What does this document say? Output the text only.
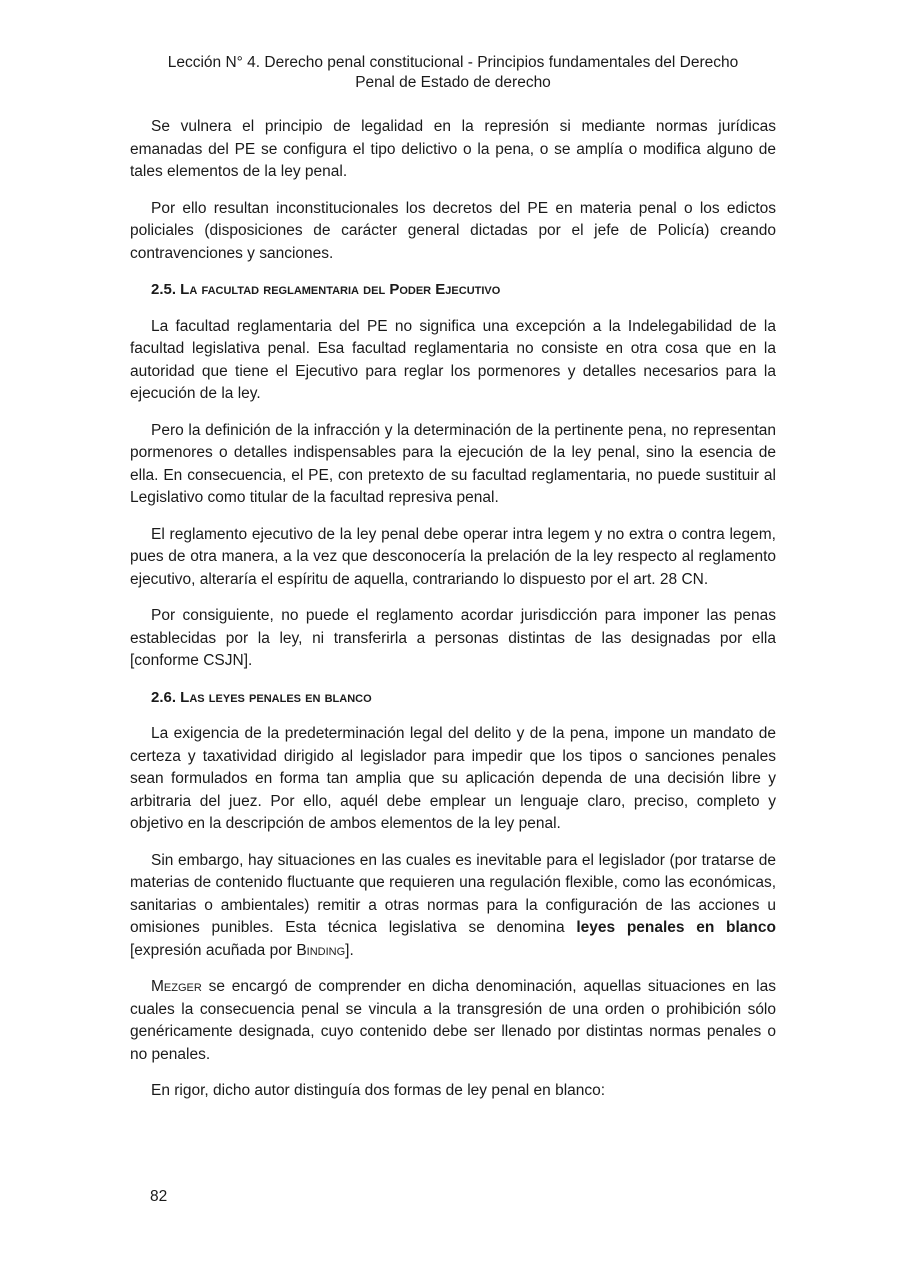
Lección N° 4. Derecho penal constitucional - Principios fundamentales del Derecho
Penal de Estado de derecho

Se vulnera el principio de legalidad en la represión si mediante normas jurídicas emanadas del PE se configura el tipo delictivo o la pena, o se amplía o modifica alguno de tales elementos de la ley penal.

Por ello resultan inconstitucionales los decretos del PE en materia penal o los edictos policiales (disposiciones de carácter general dictadas por el jefe de Policía) creando contravenciones y sanciones.

2.5. La facultad reglamentaria del Poder Ejecutivo

La facultad reglamentaria del PE no significa una excepción a la Indelegabilidad de la facultad legislativa penal. Esa facultad reglamentaria no consiste en otra cosa que en la autoridad que tiene el Ejecutivo para reglar los pormenores y detalles necesarios para la ejecución de la ley.

Pero la definición de la infracción y la determinación de la pertinente pena, no representan pormenores o detalles indispensables para la ejecución de la ley penal, sino la esencia de ella. En consecuencia, el PE, con pretexto de su facultad reglamentaria, no puede sustituir al Legislativo como titular de la facultad represiva penal.

El reglamento ejecutivo de la ley penal debe operar intra legem y no extra o contra legem, pues de otra manera, a la vez que desconocería la prelación de la ley respecto al reglamento ejecutivo, alteraría el espíritu de aquella, contrariando lo dispuesto por el art. 28 CN.

Por consiguiente, no puede el reglamento acordar jurisdicción para imponer las penas establecidas por la ley, ni transferirla a personas distintas de las designadas por ella [conforme CSJN].

2.6. Las leyes penales en blanco

La exigencia de la predeterminación legal del delito y de la pena, impone un mandato de certeza y taxatividad dirigido al legislador para impedir que los tipos o sanciones penales sean formulados en forma tan amplia que su aplicación dependa de una decisión libre y arbitraria del juez. Por ello, aquél debe emplear un lenguaje claro, preciso, completo y objetivo en la descripción de ambos elementos de la ley penal.

Sin embargo, hay situaciones en las cuales es inevitable para el legislador (por tratarse de materias de contenido fluctuante que requieren una regulación flexible, como las económicas, sanitarias o ambientales) remitir a otras normas para la configuración de las acciones u omisiones punibles. Esta técnica legislativa se denomina leyes penales en blanco [expresión acuñada por Binding].

Mezger se encargó de comprender en dicha denominación, aquellas situaciones en las cuales la consecuencia penal se vincula a la transgresión de una orden o prohibición sólo genéricamente designada, cuyo contenido debe ser llenado por distintas normas penales o no penales.

En rigor, dicho autor distinguía dos formas de ley penal en blanco:

82
